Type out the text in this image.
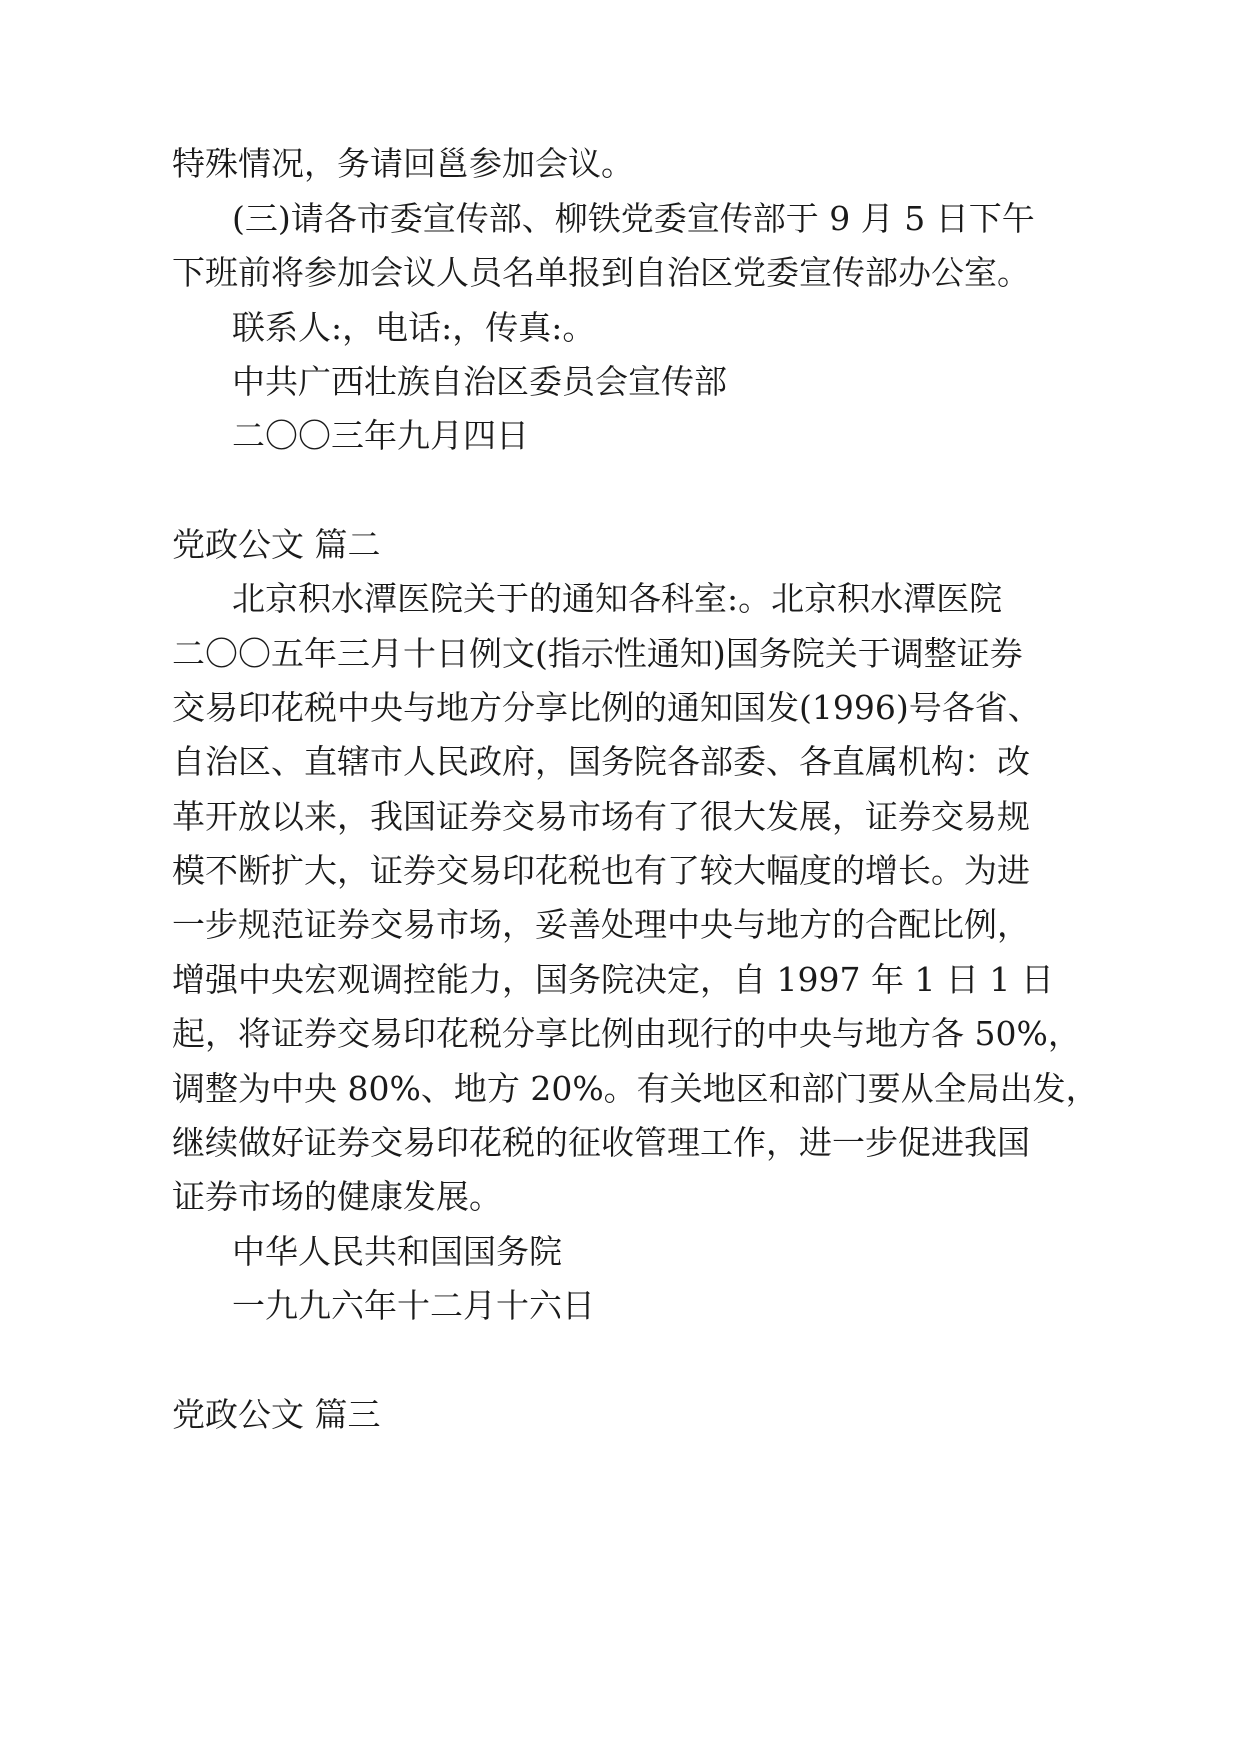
特殊情况，务请回邕参加会议。
(三)请各市委宣传部、柳铁党委宣传部于 9 月 5 日下午
下班前将参加会议人员名单报到自治区党委宣传部办公室。
联系人:，电话:，传真:。
中共广西壮族自治区委员会宣传部
二〇〇三年九月四日
党政公文 篇二
北京积水潭医院关于的通知各科室:。北京积水潭医院
二〇〇五年三月十日例文(指示性通知)国务院关于调整证券
交易印花税中央与地方分享比例的通知国发(1996)号各省、
自治区、直辖市人民政府，国务院各部委、各直属机构：改
革开放以来，我国证券交易市场有了很大发展，证券交易规
模不断扩大，证券交易印花税也有了较大幅度的增长。为进
一步规范证券交易市场，妥善处理中央与地方的合配比例，
增强中央宏观调控能力，国务院决定，自 1997 年 1 日 1 日
起，将证券交易印花税分享比例由现行的中央与地方各 50%，
调整为中央 80%、地方 20%。有关地区和部门要从全局出发，
继续做好证券交易印花税的征收管理工作，进一步促进我国
证券市场的健康发展。
中华人民共和国国务院
一九九六年十二月十六日
党政公文 篇三
